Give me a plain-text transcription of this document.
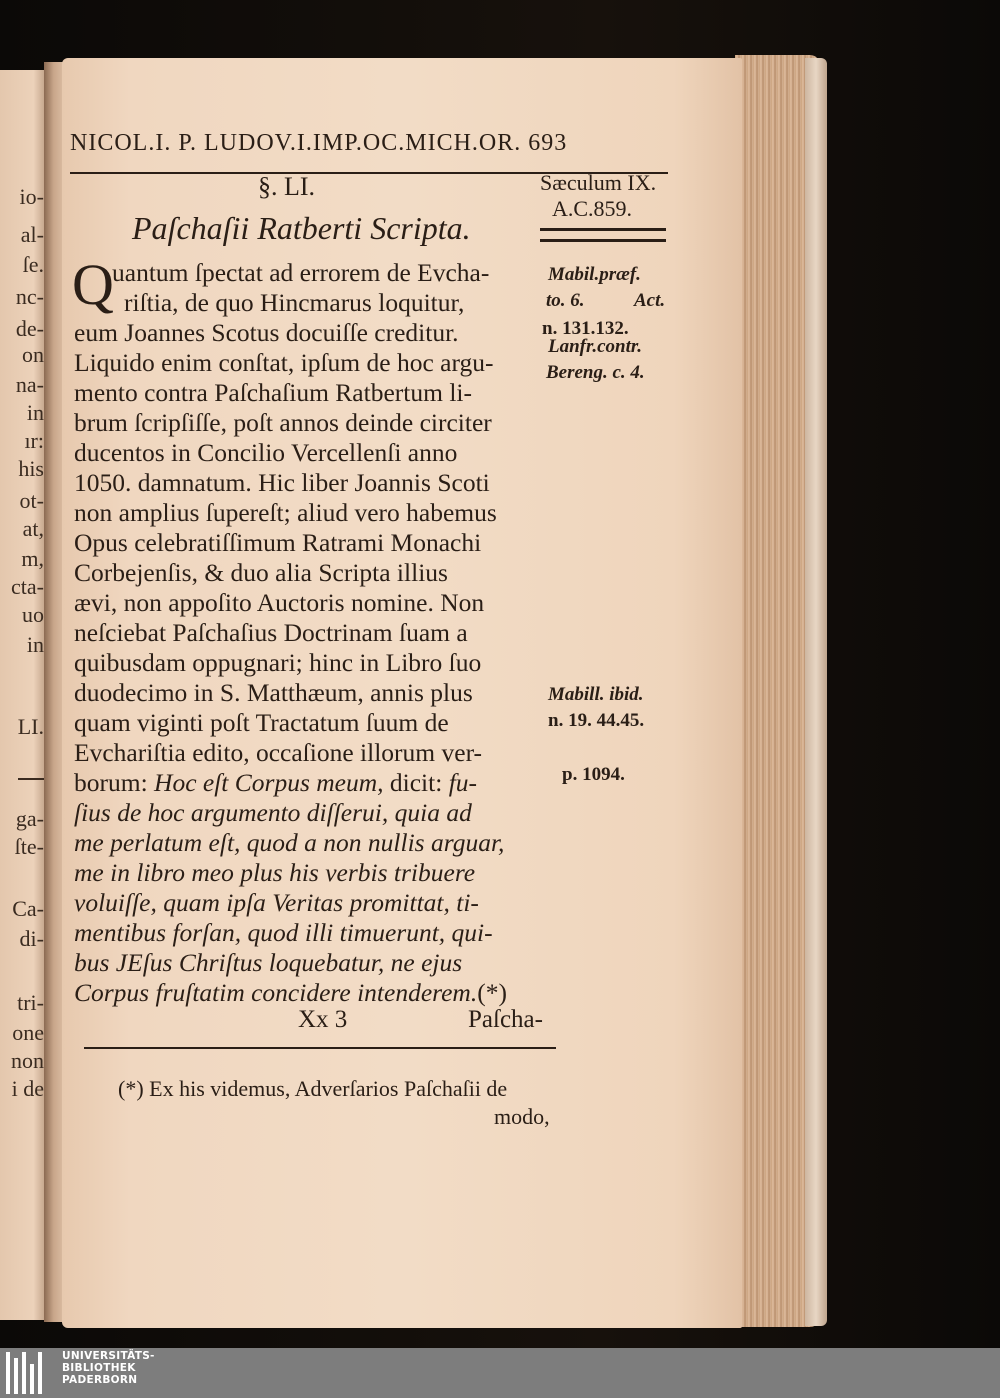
io-
al-
ſe.
nc-
de-
on
na-
in
ır:
his
ot-
at,
m,
cta-
uo
in
LI.
ga-
ſte-
Ca-
di-
tri-
one
non
i de
NICOL.I. P. LUDOV.I.IMP.OC.MICH.OR. 693
§. LI.
Paſchaſii Ratberti Scripta.
Sæculum IX.
A.C.859.
Q
uantum ſpectat ad errorem de Evcha-
riſtia, de quo Hincmarus loquitur,
eum Joannes Scotus docuiſſe creditur.
Liquido enim conſtat, ipſum de hoc argu-
mento contra Paſchaſium Ratbertum li-
brum ſcripſiſſe, poſt annos deinde circiter
ducentos in Concilio Vercellenſi anno
1050. damnatum. Hic liber Joannis Scoti
non amplius ſupereſt; aliud vero habemus
Opus celebratiſſimum Ratrami Monachi
Corbejenſis, & duo alia Scripta illius
ævi, non appoſito Auctoris nomine. Non
neſciebat Paſchaſius Doctrinam ſuam a
quibusdam oppugnari; hinc in Libro ſuo
duodecimo in S. Matthæum, annis plus
quam viginti poſt Tractatum ſuum de
Evchariſtia edito, occaſione illorum ver-
borum: Hoc eſt Corpus meum, dicit: fu-
ſius de hoc argumento diſſerui, quia ad
me perlatum eſt, quod a non nullis arguar,
me in libro meo plus his verbis tribuere
voluiſſe, quam ipſa Veritas promittat, ti-
mentibus forſan, quod illi timuerunt, qui-
bus JEſus Chriſtus loquebatur, ne ejus
Corpus fruſtatim concidere intenderem.(*)
Xx 3	Paſcha-
Mabil.præf.
to. 6.	Act.
n. 131.132.
Lanfr.contr.
Bereng. c. 4.
Mabill. ibid.
n. 19. 44.45.
p. 1094.
(*) Ex his videmus, Adverſarios Paſchaſii de
modo,
UNIVERSITÄTS-
BIBLIOTHEK
PADERBORN
